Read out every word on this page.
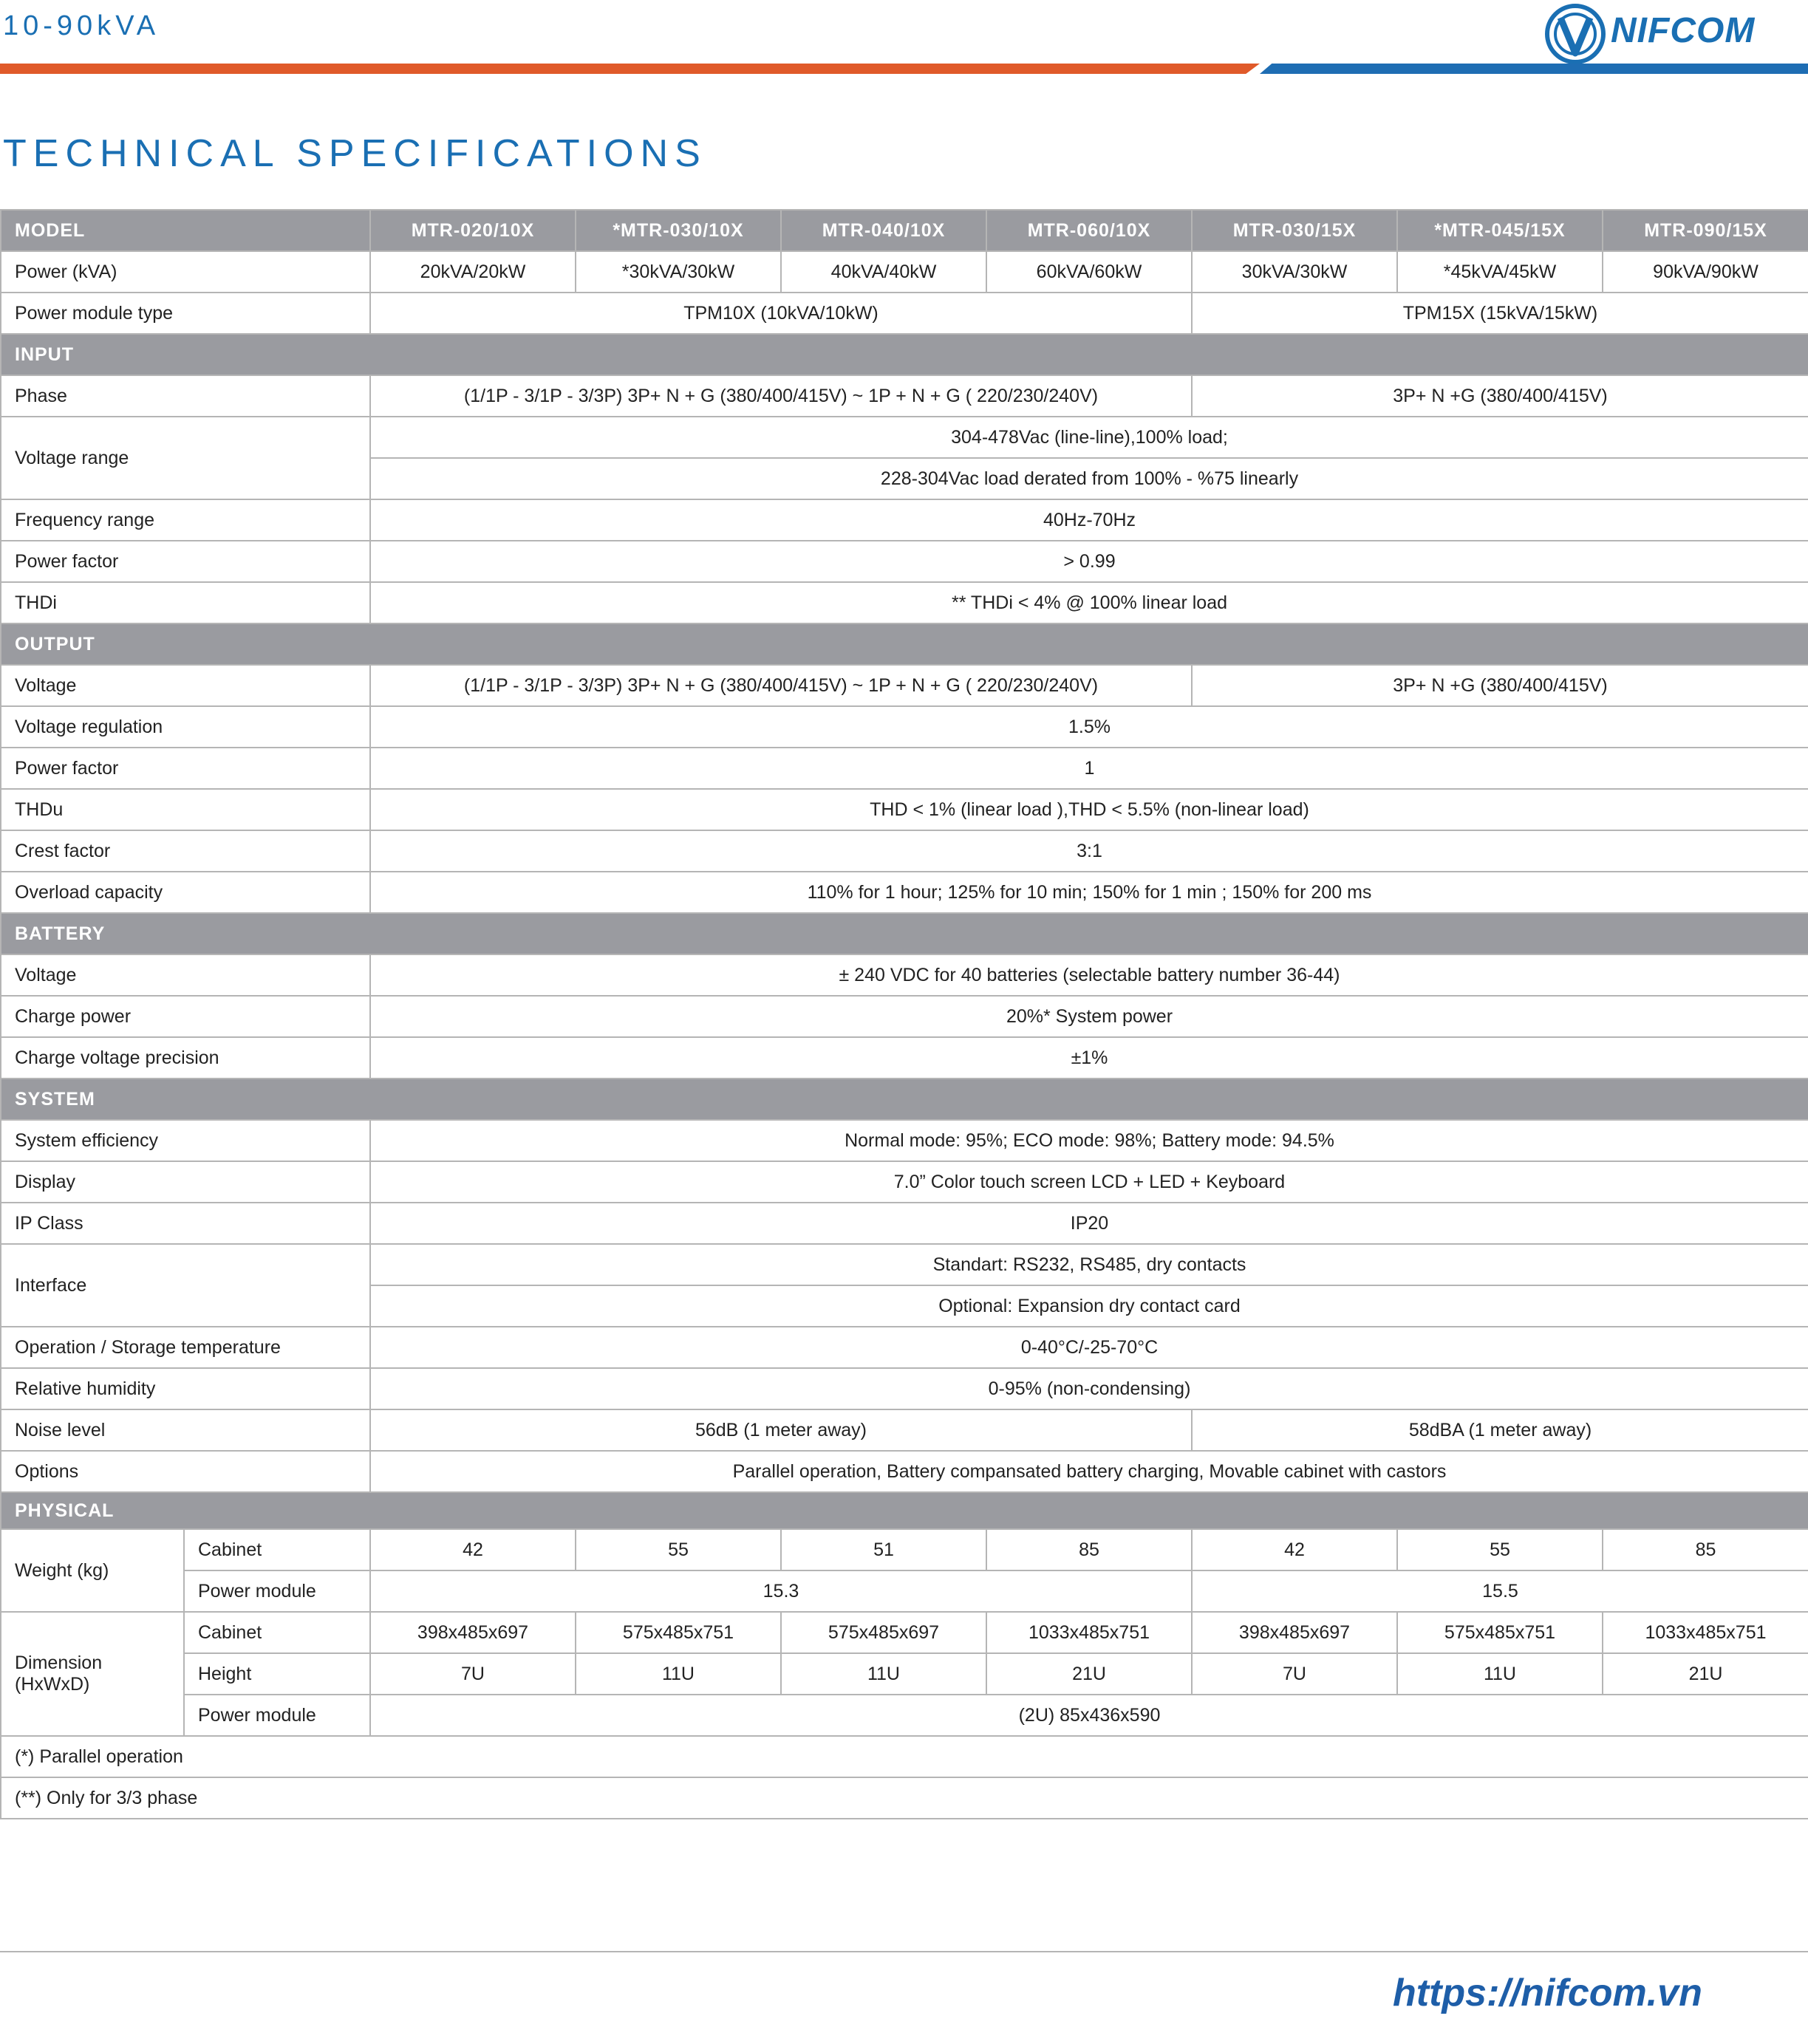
10-90kVA	NIFCOM
TECHNICAL SPECIFICATIONS
MODEL		MTR-020/10X	*MTR-030/10X	MTR-040/10X	MTR-060/10X	MTR-030/15X	*MTR-045/15X	MTR-090/15X
Power (kVA)		20kVA/20kW	*30kVA/30kW	40kVA/40kW	60kVA/60kW	30kVA/30kW	*45kVA/45kW	90kVA/90kW
Power module type		TPM10X (10kVA/10kW)				TPM15X (15kVA/15kW)		
INPUT								
Phase		(1/1P - 3/1P - 3/3P) 3P+ N + G (380/400/415V) ~ 1P + N + G ( 220/230/240V)				3P+ N +G (380/400/415V)		
Voltage range		304-478Vac (line-line),100% load;						
		228-304Vac load derated from 100% - %75 linearly						
Frequency range		40Hz-70Hz						
Power factor		> 0.99						
THDi		** THDi < 4% @ 100% linear load						
OUTPUT								
Voltage		(1/1P - 3/1P - 3/3P) 3P+ N + G (380/400/415V) ~ 1P + N + G ( 220/230/240V)				3P+ N +G (380/400/415V)		
Voltage regulation		1.5%						
Power factor		1						
THDu		THD < 1% (linear load ),THD < 5.5% (non-linear load)						
Crest factor		3:1						
Overload capacity		110% for 1 hour; 125% for 10 min; 150% for 1 min ; 150% for 200 ms						
BATTERY								
Voltage		± 240 VDC for 40 batteries (selectable battery number 36-44)						
Charge power		20%* System power						
Charge voltage precision		±1%						
SYSTEM								
System efficiency		Normal mode: 95%; ECO mode: 98%; Battery mode: 94.5%						
Display		7.0” Color touch screen LCD + LED + Keyboard						
IP Class		IP20						
Interface		Standart: RS232, RS485, dry contacts						
		Optional: Expansion dry contact card						
Operation / Storage temperature		0-40°C/-25-70°C						
Relative humidity		0-95% (non-condensing)						
Noise level		56dB (1 meter away)				58dBA (1 meter away)		
Options		Parallel operation, Battery compansated battery charging, Movable cabinet with castors						
PHYSICAL								
Weight (kg)	Cabinet	42	55	51	85	42	55	85
	Power module	15.3				15.5		
Dimension
(HxWxD)	Cabinet	398x485x697	575x485x751	575x485x697	1033x485x751	398x485x697	575x485x751	1033x485x751
	Height	7U	11U	11U	21U	7U	11U	21U
	Power module	(2U) 85x436x590						
(*) Parallel operation								
(**) Only for 3/3 phase								
https://nifcom.vn
